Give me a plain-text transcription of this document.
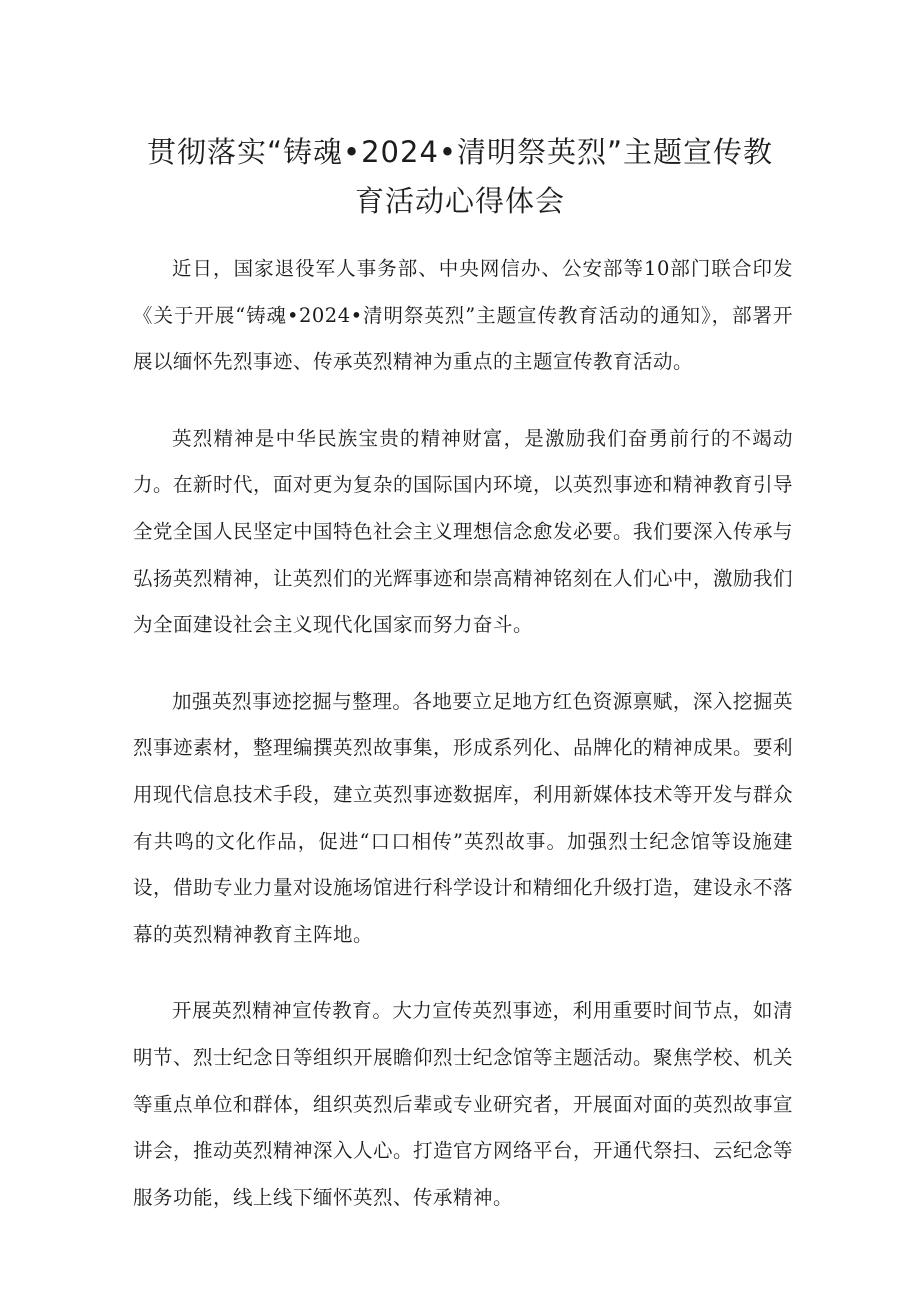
贯彻落实“铸魂•2024•清明祭英烈”主题宣传教
育活动心得体会

近日，国家退役军人事务部、中央网信办、公安部等10部门联合印发《关于开展“铸魂•2024•清明祭英烈”主题宣传教育活动的通知》，部署开展以缅怀先烈事迹、传承英烈精神为重点的主题宣传教育活动。

英烈精神是中华民族宝贵的精神财富，是激励我们奋勇前行的不竭动力。在新时代，面对更为复杂的国际国内环境，以英烈事迹和精神教育引导全党全国人民坚定中国特色社会主义理想信念愈发必要。我们要深入传承与弘扬英烈精神，让英烈们的光辉事迹和崇高精神铭刻在人们心中，激励我们为全面建设社会主义现代化国家而努力奋斗。

加强英烈事迹挖掘与整理。各地要立足地方红色资源禀赋，深入挖掘英烈事迹素材，整理编撰英烈故事集，形成系列化、品牌化的精神成果。要利用现代信息技术手段，建立英烈事迹数据库，利用新媒体技术等开发与群众有共鸣的文化作品，促进“口口相传”英烈故事。加强烈士纪念馆等设施建设，借助专业力量对设施场馆进行科学设计和精细化升级打造，建设永不落幕的英烈精神教育主阵地。

开展英烈精神宣传教育。大力宣传英烈事迹，利用重要时间节点，如清明节、烈士纪念日等组织开展瞻仰烈士纪念馆等主题活动。聚焦学校、机关等重点单位和群体，组织英烈后辈或专业研究者，开展面对面的英烈故事宣讲会，推动英烈精神深入人心。打造官方网络平台，开通代祭扫、云纪念等服务功能，线上线下缅怀英烈、传承精神。
